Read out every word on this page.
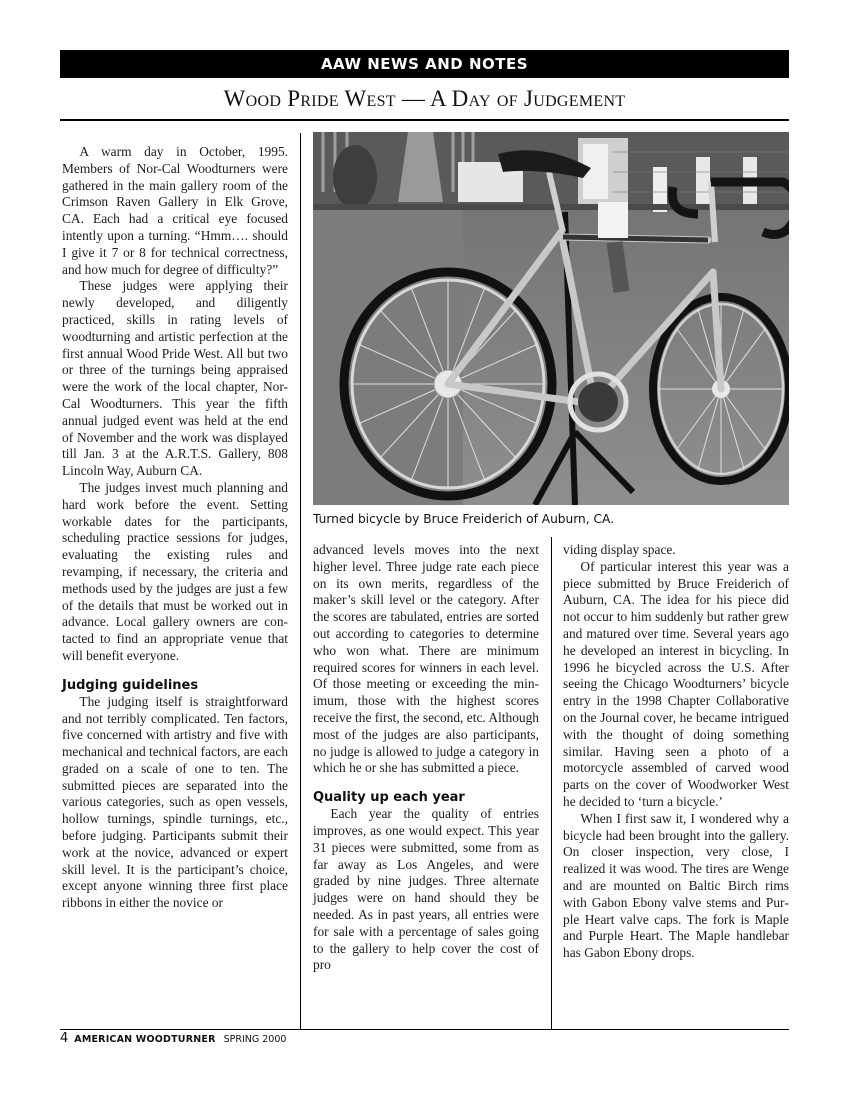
AAW NEWS AND NOTES
Wood Pride West — A Day of Judgement

A warm day in October, 1995. Members of Nor-Cal Woodturners were gathered in the main gallery room of the Crimson Raven Gallery in Elk Grove, CA. Each had a critical eye focused intently upon a turning. “Hmm…. should I give it 7 or 8 for technical correctness, and how much for degree of difficulty?”

These judges were applying their newly developed, and diligently practiced, skills in rating levels of woodturning and artistic perfection at the first annual Wood Pride West. All but two or three of the turnings being appraised were the work of the local chapter, Nor-Cal Woodturners. This year the fifth annual judged event was held at the end of November and the work was displayed till Jan. 3 at the A.R.T.S. Gallery, 808 Lincoln Way, Auburn CA.

The judges invest much planning and hard work before the event. Setting workable dates for the participants, scheduling practice sessions for judges, evaluating the existing rules and revamping, if necessary, the criteria and methods used by the judges are just a few of the details that must be worked out in advance. Local gallery owners are contacted to find an appropriate venue that will benefit everyone.

Judging guidelines

The judging itself is straightforward and not terribly complicated. Ten factors, five concerned with artistry and five with mechanical and technical factors, are each graded on a scale of one to ten. The submitted pieces are separated into the various categories, such as open vessels, hollow turnings, spindle turnings, etc., before judging. Participants submit their work at the novice, advanced or expert skill level. It is the participant’s choice, except anyone winning three first place ribbons in either the novice or

Turned bicycle by Bruce Freiderich of Auburn, CA.

advanced levels moves into the next higher level. Three judge rate each piece on its own merits, regardless of the maker’s skill level or the category. After the scores are tabulated, entries are sorted out according to categories to determine who won what. There are minimum required scores for winners in each level. Of those meeting or exceeding the minimum, those with the highest scores receive the first, the second, etc. Although most of the judges are also participants, no judge is allowed to judge a category in which he or she has submitted a piece.

Quality up each year

Each year the quality of entries improves, as one would expect. This year 31 pieces were submitted, some from as far away as Los Angeles, and were graded by nine judges. Three alternate judges were on hand should they be needed. As in past years, all entries were for sale with a percentage of sales going to the gallery to help cover the cost of pro

viding display space.

Of particular interest this year was a piece submitted by Bruce Freiderich of Auburn, CA. The idea for his piece did not occur to him suddenly but rather grew and matured over time. Several years ago he developed an interest in bicycling. In 1996 he bicycled across the U.S. After seeing the Chicago Woodturners’ bicycle entry in the 1998 Chapter Collaborative on the Journal cover, he became intrigued with the thought of doing something similar. Having seen a photo of a motorcycle assembled of carved wood parts on the cover of Woodworker West he decided to ‘turn a bicycle.’

When I first saw it, I wondered why a bicycle had been brought into the gallery. On closer inspection, very close, I realized it was wood. The tires are Wenge and are mounted on Baltic Birch rims with Gabon Ebony valve stems and Purple Heart valve caps. The fork is Maple and Purple Heart. The Maple handlebar has Gabon Ebony drops.

4 AMERICAN WOODTURNER SPRING 2000
